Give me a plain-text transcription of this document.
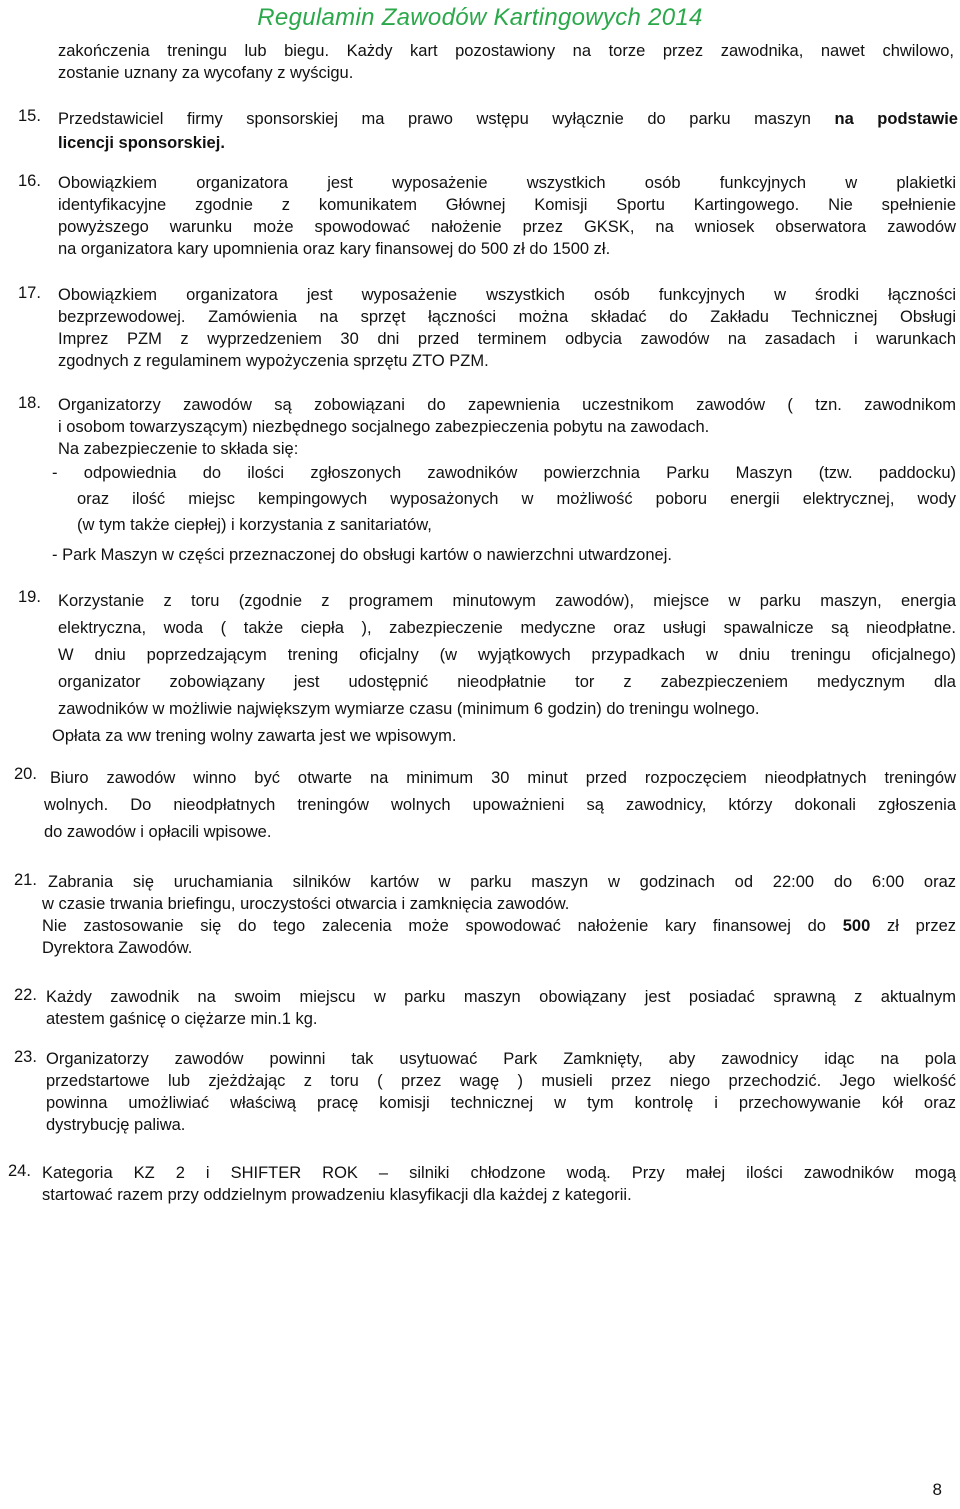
Regulamin Zawodów Kartingowych 2014
zakończenia treningu lub biegu. Każdy kart pozostawiony na torze przez zawodnika, nawet chwilowo,
zostanie uznany za wycofany z wyścigu.
15. Przedstawiciel firmy sponsorskiej ma prawo wstępu wyłącznie do parku maszyn na podstawie
licencji sponsorskiej.
16. Obowiązkiem organizatora jest wyposażenie wszystkich osób funkcyjnych w plakietki
identyfikacyjne zgodnie z komunikatem Głównej Komisji Sportu Kartingowego. Nie spełnienie
powyższego warunku może spowodować nałożenie przez GKSK, na wniosek obserwatora zawodów
na organizatora kary upomnienia oraz kary finansowej do 500 zł do 1500 zł.
17. Obowiązkiem organizatora jest wyposażenie wszystkich osób funkcyjnych w środki łączności
bezprzewodowej. Zamówienia na sprzęt łączności można składać do Zakładu Technicznej Obsługi
Imprez PZM z wyprzedzeniem 30 dni przed terminem odbycia zawodów na zasadach i warunkach
zgodnych z regulaminem wypożyczenia sprzętu ZTO PZM.
18. Organizatorzy zawodów są zobowiązani do zapewnienia uczestnikom zawodów ( tzn. zawodnikom
i osobom towarzyszącym) niezbędnego socjalnego zabezpieczenia pobytu na zawodach.
Na zabezpieczenie to składa się:
- odpowiednia do ilości zgłoszonych zawodników powierzchnia Parku Maszyn (tzw. paddocku)
oraz ilość miejsc kempingowych wyposażonych w możliwość poboru energii elektrycznej, wody
(w tym także ciepłej) i korzystania z sanitariatów,
- Park Maszyn w części przeznaczonej do obsługi kartów o nawierzchni utwardzonej.
19. Korzystanie z toru (zgodnie z programem minutowym zawodów), miejsce w parku maszyn, energia
elektryczna, woda ( także ciepła ), zabezpieczenie medyczne oraz usługi spawalnicze są nieodpłatne.
W dniu poprzedzającym trening oficjalny (w wyjątkowych przypadkach w dniu treningu oficjalnego)
organizator zobowiązany jest udostępnić nieodpłatnie tor z zabezpieczeniem medycznym dla
zawodników w możliwie największym wymiarze czasu (minimum 6 godzin) do treningu wolnego.
Opłata za ww trening wolny zawarta jest we wpisowym.
20. Biuro zawodów winno być otwarte na minimum 30 minut przed rozpoczęciem nieodpłatnych treningów
wolnych. Do nieodpłatnych treningów wolnych upoważnieni są zawodnicy, którzy dokonali zgłoszenia
do zawodów i opłacili wpisowe.
21. Zabrania się uruchamiania silników kartów w parku maszyn w godzinach od 22:00 do 6:00 oraz
w czasie trwania briefingu, uroczystości otwarcia i zamknięcia zawodów.
Nie zastosowanie się do tego zalecenia może spowodować nałożenie kary finansowej do 500 zł przez
Dyrektora Zawodów.
22. Każdy zawodnik na swoim miejscu w parku maszyn obowiązany jest posiadać sprawną z aktualnym
atestem gaśnicę o ciężarze min.1 kg.
23. Organizatorzy zawodów powinni tak usytuować Park Zamknięty, aby zawodnicy idąc na pola
przedstartowe lub zjeżdżając z toru ( przez wagę ) musieli przez niego przechodzić. Jego wielkość
powinna umożliwiać właściwą pracę komisji technicznej w tym kontrolę i przechowywanie kół oraz
dystrybucję paliwa.
24. Kategoria KZ 2 i SHIFTER ROK – silniki chłodzone wodą. Przy małej ilości zawodników mogą
startować razem przy oddzielnym prowadzeniu klasyfikacji dla każdej z kategorii.
8
